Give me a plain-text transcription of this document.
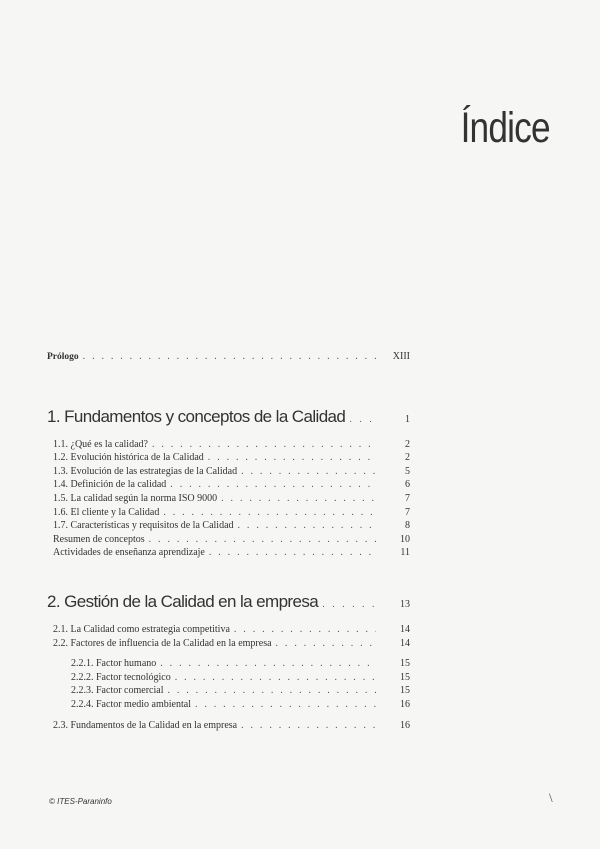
Índice
Prólogo . . .	XIII
1. Fundamentos y conceptos de la Calidad . . .	1
1.1. ¿Qué es la calidad? . . .	2
1.2. Evolución histórica de la Calidad . . .	2
1.3. Evolución de las estrategias de la Calidad . . .	5
1.4. Definición de la calidad . . .	6
1.5. La calidad según la norma ISO 9000 . . .	7
1.6. El cliente y la Calidad . . .	7
1.7. Características y requisitos de la Calidad . . .	8
Resumen de conceptos . . .	10
Actividades de enseñanza aprendizaje . . .	11
2. Gestión de la Calidad en la empresa . . .	13
2.1. La Calidad como estrategia competitiva . . .	14
2.2. Factores de influencia de la Calidad en la empresa . . .	14
2.2.1. Factor humano . . .	15
2.2.2. Factor tecnológico . . .	15
2.2.3. Factor comercial . . .	15
2.2.4. Factor medio ambiental . . .	16
2.3. Fundamentos de la Calidad en la empresa . . .	16
© ITES-Paraninfo	\
